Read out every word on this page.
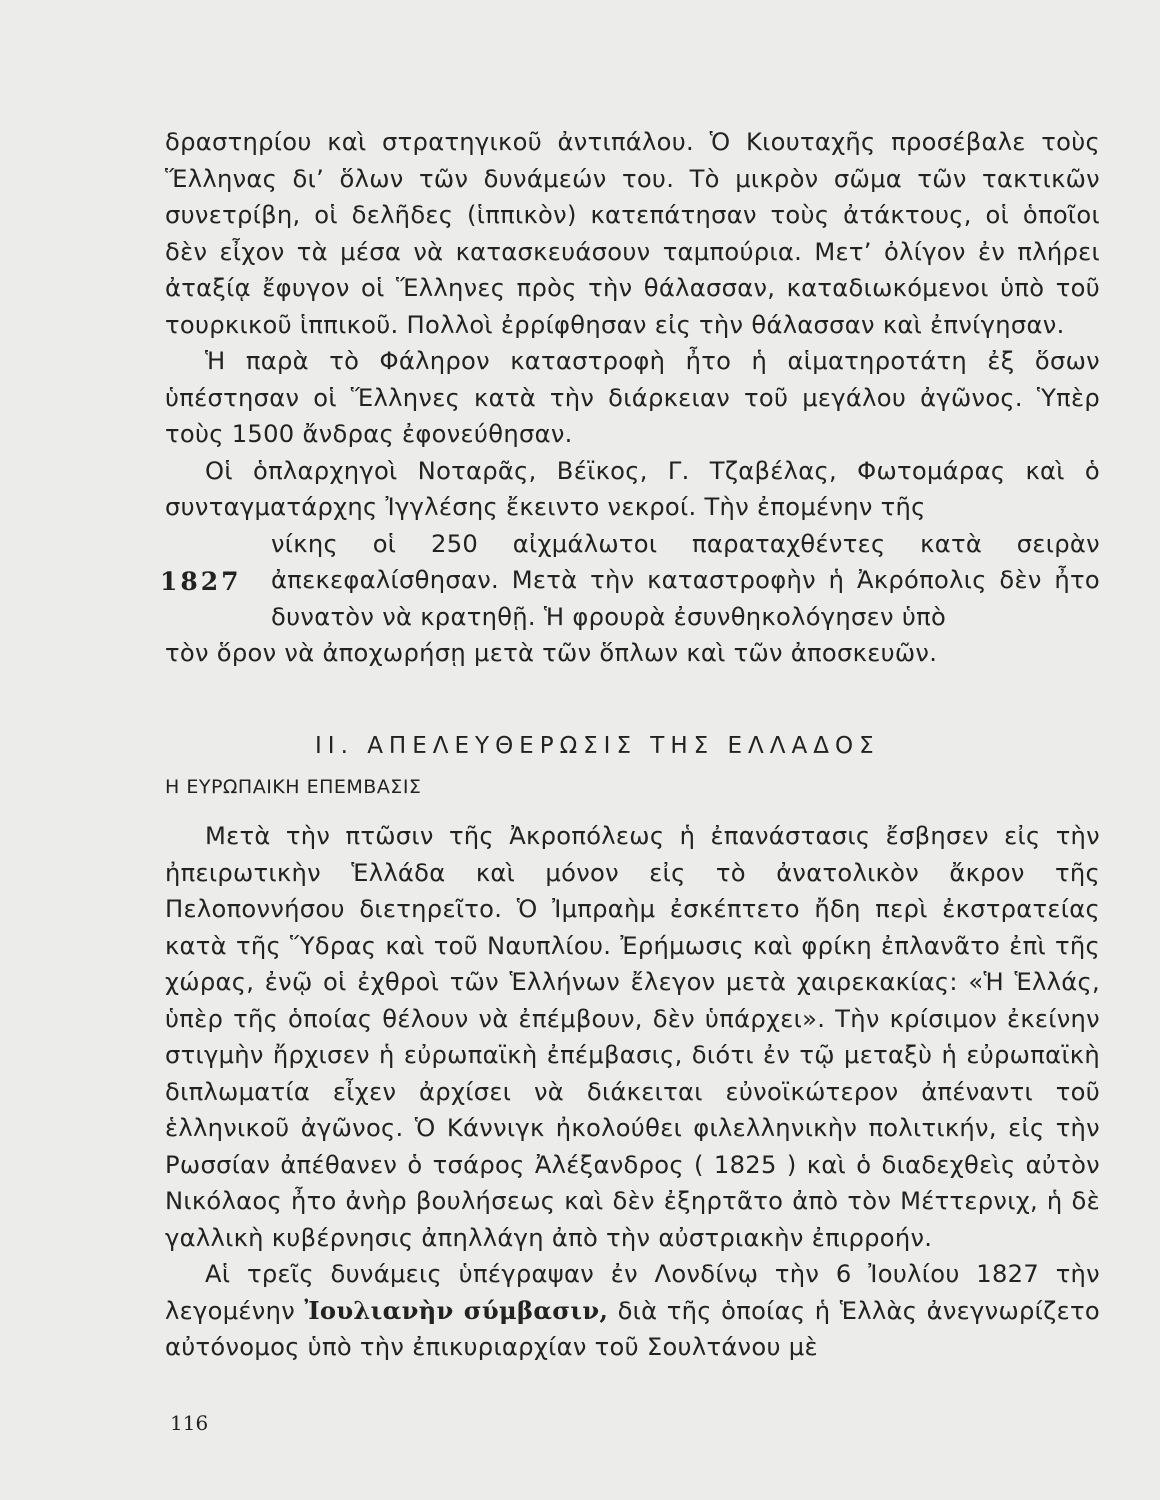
δραστηρίου καὶ στρατηγικοῦ ἀντιπάλου. Ὁ Κιουταχῆς προσέβαλε τοὺς Ἕλληνας δι’ ὅλων τῶν δυνάμεών του. Τὸ μικρὸν σῶμα τῶν τακτικῶν συνετρίβη, οἱ δελῆδες (ἱππικὸν) κατεπάτησαν τοὺς ἀτάκτους, οἱ ὁποῖοι δὲν εἶχον τὰ μέσα νὰ κατασκευάσουν ταμπούρια. Μετ’ ὀλίγον ἐν πλήρει ἀταξίᾳ ἔφυγον οἱ Ἕλληνες πρὸς τὴν θάλασσαν, καταδιωκόμενοι ὑπὸ τοῦ τουρκικοῦ ἱππικοῦ. Πολλοὶ ἐρρίφθησαν εἰς τὴν θάλασσαν καὶ ἐπνίγησαν.

Ἡ παρὰ τὸ Φάληρον καταστροφὴ ἦτο ἡ αἱματηροτάτη ἐξ ὅσων ὑπέστησαν οἱ Ἕλληνες κατὰ τὴν διάρκειαν τοῦ μεγάλου ἀγῶνος. Ὑπὲρ τοὺς 1500 ἄνδρας ἐφονεύθησαν.

Οἱ ὁπλαρχηγοὶ Νοταρᾶς, Βέϊκος, Γ. Τζαβέλας, Φωτομάρας καὶ ὁ συνταγματάρχης Ἰγγλέσης ἔκειντο νεκροί. Τὴν ἐπομένην τῆς

1827

νίκης οἱ 250 αἰχμάλωτοι παραταχθέντες κατὰ σειρὰν ἀπεκεφαλίσθησαν. Μετὰ τὴν καταστροφὴν ἡ Ἀκρόπολις δὲν ἦτο δυνατὸν νὰ κρατηθῇ. Ἡ φρουρὰ ἐσυνθηκολόγησεν ὑπὸ

τὸν ὅρον νὰ ἀποχωρήσῃ μετὰ τῶν ὅπλων καὶ τῶν ἀποσκευῶν.

II. ΑΠΕΛΕΥΘΕΡΩΣΙΣ ΤΗΣ ΕΛΛΑΔΟΣ
Η ΕΥΡΩΠΑΙΚΗ ΕΠΕΜΒΑΣΙΣ

Μετὰ τὴν πτῶσιν τῆς Ἀκροπόλεως ἡ ἐπανάστασις ἔσβησεν εἰς τὴν ἠπειρωτικὴν Ἑλλάδα καὶ μόνον εἰς τὸ ἀνατολικὸν ἄκρον τῆς Πελοποννήσου διετηρεῖτο. Ὁ Ἰμπραὴμ ἐσκέπτετο ἤδη περὶ ἐκστρατείας κατὰ τῆς Ὕδρας καὶ τοῦ Ναυπλίου. Ἐρήμωσις καὶ φρίκη ἐπλανᾶτο ἐπὶ τῆς χώρας, ἐνῷ οἱ ἐχθροὶ τῶν Ἑλλήνων ἔλεγον μετὰ χαιρεκακίας: «Ἡ Ἑλλάς, ὑπὲρ τῆς ὁποίας θέλουν νὰ ἐπέμβουν, δὲν ὑπάρχει». Τὴν κρίσιμον ἐκείνην στιγμὴν ἤρχισεν ἡ εὐρωπαϊκὴ ἐπέμβασις, διότι ἐν τῷ μεταξὺ ἡ εὐρωπαϊκὴ διπλωματία εἶχεν ἀρχίσει νὰ διάκειται εὐνοϊκώτερον ἀπέναντι τοῦ ἑλληνικοῦ ἀγῶνος. Ὁ Κάννιγκ ἠκολούθει φιλελληνικὴν πολιτικήν, εἰς τὴν Ρωσσίαν ἀπέθανεν ὁ τσάρος Ἀλέξανδρος ( 1825 ) καὶ ὁ διαδεχθεὶς αὐτὸν Νικόλαος ἦτο ἀνὴρ βουλήσεως καὶ δὲν ἐξηρτᾶτο ἀπὸ τὸν Μέττερνιχ, ἡ δὲ γαλλικὴ κυβέρνησις ἀπηλλάγη ἀπὸ τὴν αὐστριακὴν ἐπιρροήν.

Αἱ τρεῖς δυνάμεις ὑπέγραψαν ἐν Λονδίνῳ τὴν 6 Ἰουλίου 1827 τὴν λεγομένην Ἰουλιανὴν σύμβασιν, διὰ τῆς ὁποίας ἡ Ἑλλὰς ἀνεγνωρίζετο αὐτόνομος ὑπὸ τὴν ἐπικυριαρχίαν τοῦ Σουλτάνου μὲ

116
